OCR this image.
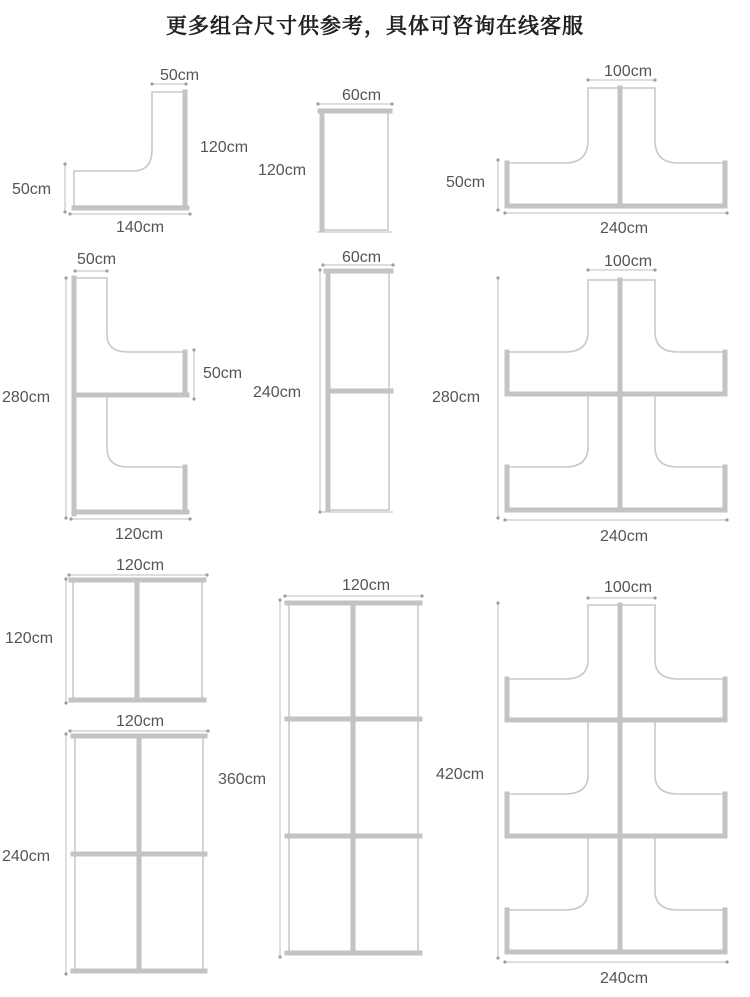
更多组合尺寸供参考，具体可咨询在线客服
50cm
120cm
50cm
140cm
60cm
120cm
100cm
50cm
240cm
50cm
280cm
50cm
120cm
60cm
240cm
100cm
280cm
240cm
120cm
120cm
120cm
240cm
120cm
360cm
100cm
420cm
240cm
